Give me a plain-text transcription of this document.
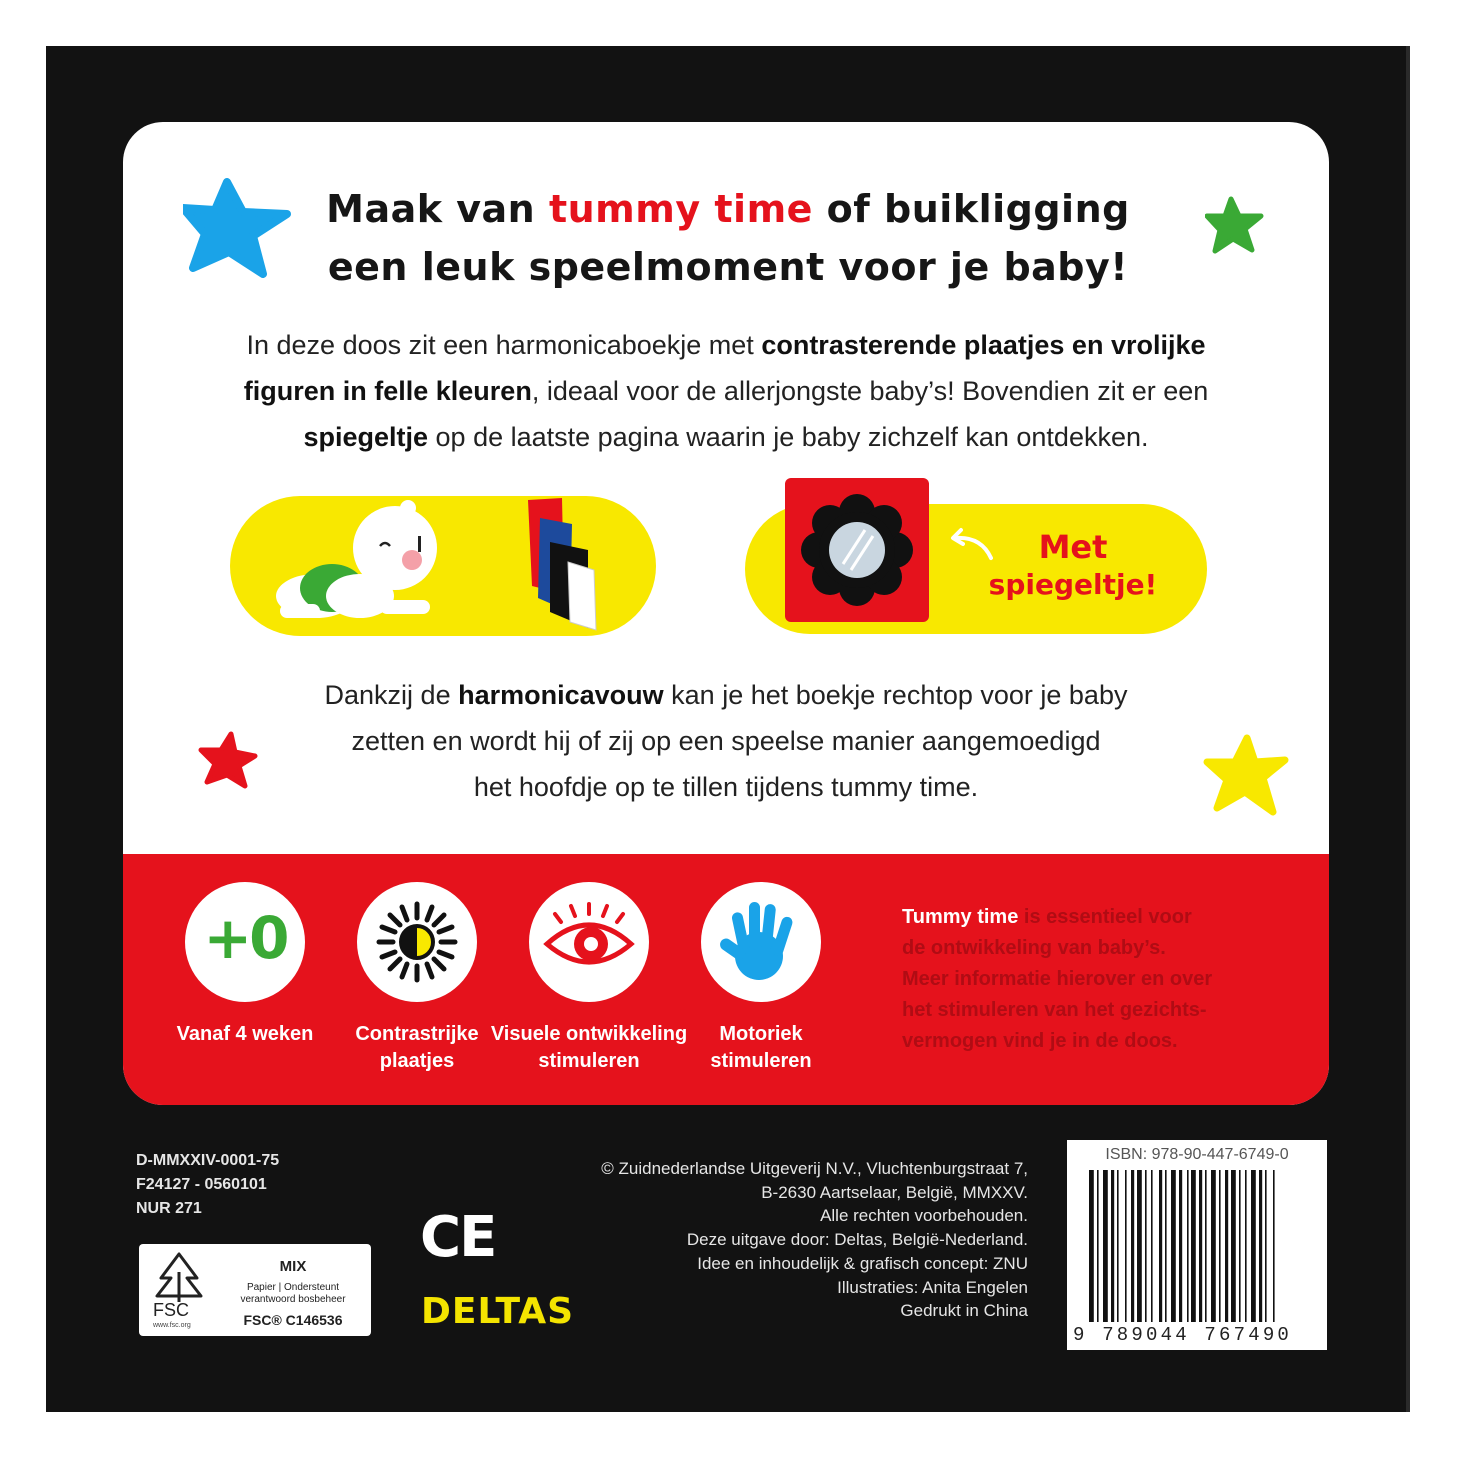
Maak van tummy time of buikligging
een leuk speelmoment voor je baby!
In deze doos zit een harmonicaboekje met contrasterende plaatjes en vrolijke
figuren in felle kleuren, ideaal voor de allerjongste baby’s! Bovendien zit er een
spiegeltje op de laatste pagina waarin je baby zichzelf kan ontdekken.
Met
spiegeltje!
Dankzij de harmonicavouw kan je het boekje rechtop voor je baby
zetten en wordt hij of zij op een speelse manier aangemoedigd
het hoofdje op te tillen tijdens tummy time.
+0
Vanaf 4 weken	Contrastrijke
plaatjes
Visuele ontwikkeling
stimuleren
Motoriek
stimuleren
Tummy time is essentieel voor
de ontwikkeling van baby’s.
Meer informatie hierover en over
het stimuleren van het gezichts-
vermogen vind je in de doos.
D-MMXXIV-0001-75
F24127 - 0560101
NUR 271
FSC
www.fsc.org
MIX
Papier | Ondersteunt
verantwoord bosbeheer
FSC® C146536
CE
DELTAS
© Zuidnederlandse Uitgeverij N.V., Vluchtenburgstraat 7,
B-2630 Aartselaar, België, MMXXV.
Alle rechten voorbehouden.
Deze uitgave door: Deltas, België-Nederland.
Idee en inhoudelijk & grafisch concept: ZNU
Illustraties: Anita Engelen
Gedrukt in China
ISBN: 978-90-447-6749-0
9 789044 767490
